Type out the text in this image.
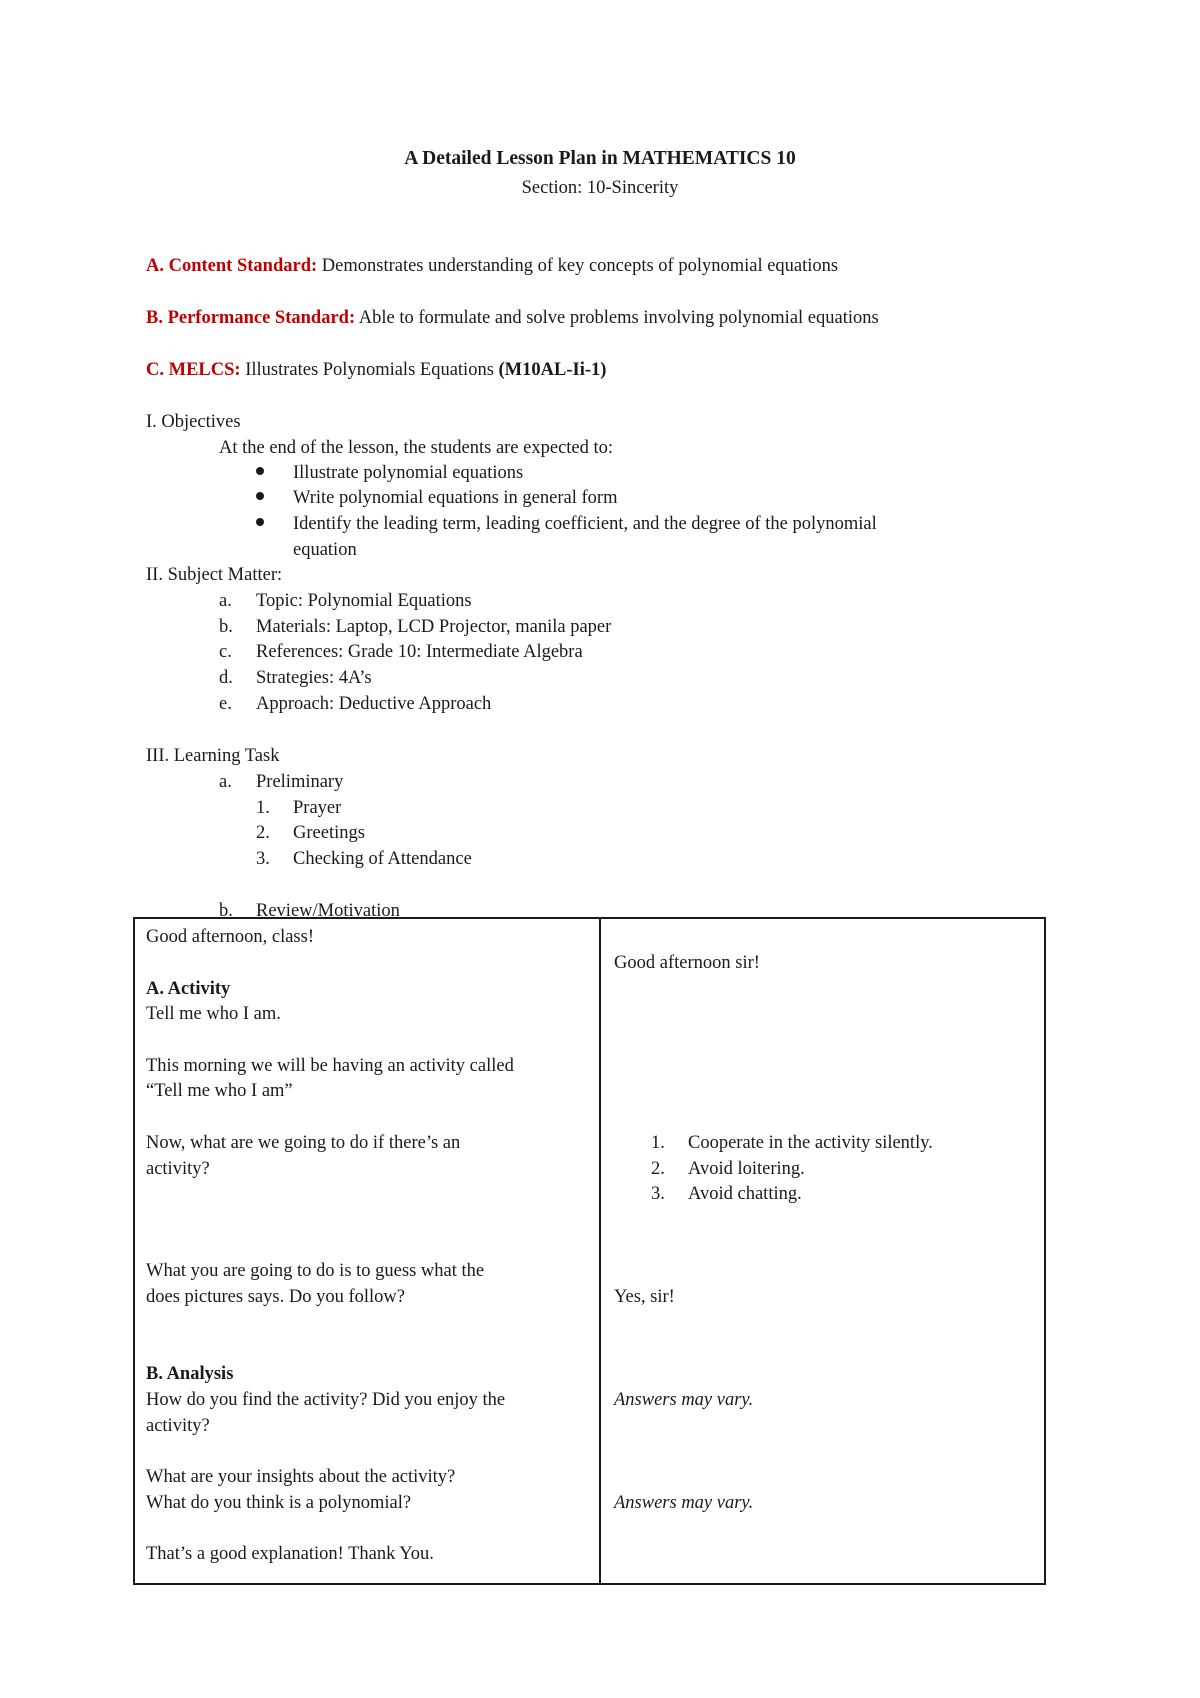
A Detailed Lesson Plan in MATHEMATICS 10
Section: 10-Sincerity
A. Content Standard: Demonstrates understanding of key concepts of polynomial equations
B. Performance Standard: Able to formulate and solve problems involving polynomial equations
C. MELCS: Illustrates Polynomials Equations (M10AL-Ii-1)
I. Objectives
At the end of the lesson, the students are expected to:
Illustrate polynomial equations
Write polynomial equations in general form
Identify the leading term, leading coefficient, and the degree of the polynomial
equation
II. Subject Matter:
a. Topic: Polynomial Equations
b. Materials: Laptop, LCD Projector, manila paper
c. References: Grade 10: Intermediate Algebra
d. Strategies: 4A’s
e. Approach: Deductive Approach
III. Learning Task
a. Preliminary
1. Prayer
2. Greetings
3. Checking of Attendance
b. Review/Motivation
Good afternoon, class!
A. Activity
Tell me who I am.
This morning we will be having an activity called
“Tell me who I am”
Now, what are we going to do if there’s an
activity?
What you are going to do is to guess what the
does pictures says. Do you follow?
B. Analysis
How do you find the activity? Did you enjoy the
activity?
What are your insights about the activity?
What do you think is a polynomial?
That’s a good explanation! Thank You.
Good afternoon sir!
1. Cooperate in the activity silently.
2. Avoid loitering.
3. Avoid chatting.
Yes, sir!
Answers may vary.
Answers may vary.
